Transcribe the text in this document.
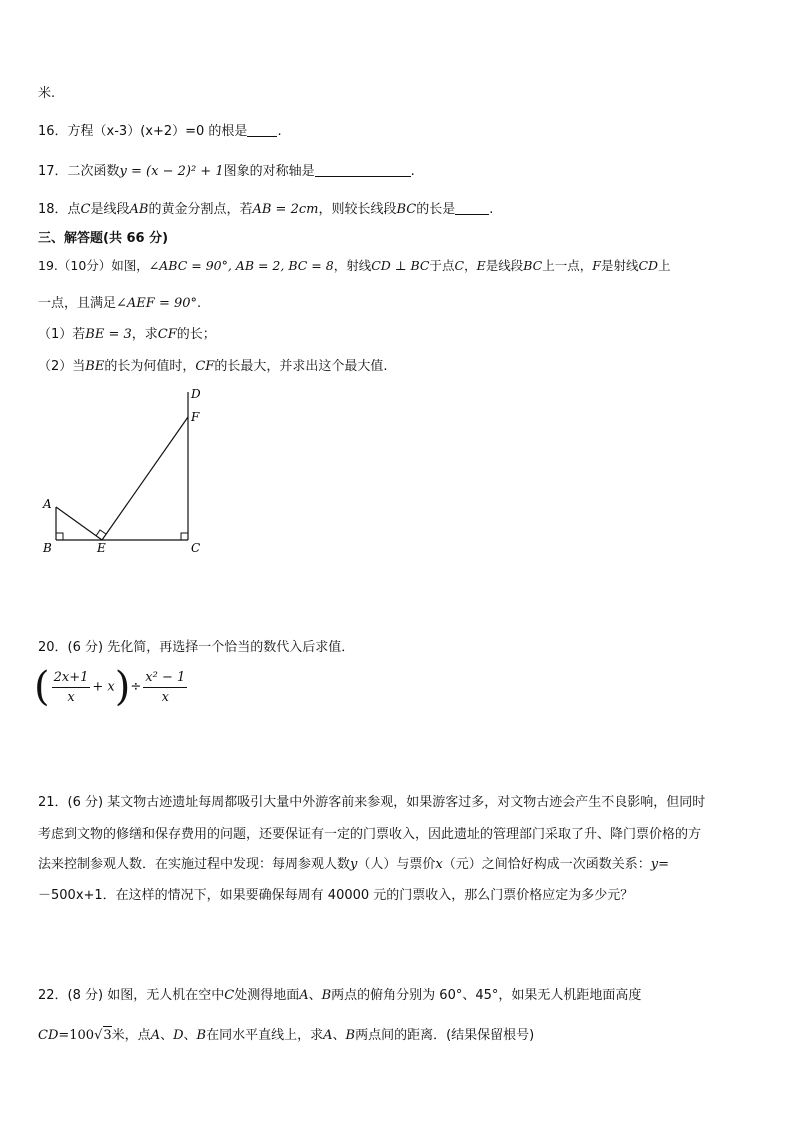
米.
16．方程（x-3）(x+2）=0 的根是 .
17．二次函数y = (x − 2)² + 1图象的对称轴是	.
18．点C是线段AB的黄金分割点，若AB = 2cm，则较长线段BC的长是	.
三、解答题(共 66 分)
19.（10分）如图，∠ABC = 90°, AB = 2, BC = 8，射线CD ⊥ BC于点C，E是线段BC上一点，F是射线CD上
一点，且满足∠AEF = 90°.
（1）若BE = 3，求CF的长；
（2）当BE的长为何值时，CF的长最大，并求出这个最大值.
A
B	E	C
D
F
20．(6 分) 先化简，再选择一个恰当的数代入后求值．
( $\frac{2x+1}{x} + x)\div \frac{\text{x² − 1}}{x}$
21．(6 分) 某文物古迹遗址每周都吸引大量中外游客前来参观，如果游客过多，对文物古迹会产生不良影响，但同时
考虑到文物的修缮和保存费用的问题，还要保证有一定的门票收入，因此遗址的管理部门采取了升、降门票价格的方
法来控制参观人数．在实施过程中发现：每周参观人数y（人）与票价x（元）之间恰好构成一次函数关系：y=
－500x+1．在这样的情况下，如果要确保每周有 40000 元的门票收入，那么门票价格应定为多少元？
22．(8 分) 如图，无人机在空中C处测得地面A、B两点的俯角分别为 60°、45°，如果无人机距地面高度
CD=100√3米，点A、D、B在同水平直线上，求A、B两点间的距离．(结果保留根号)
